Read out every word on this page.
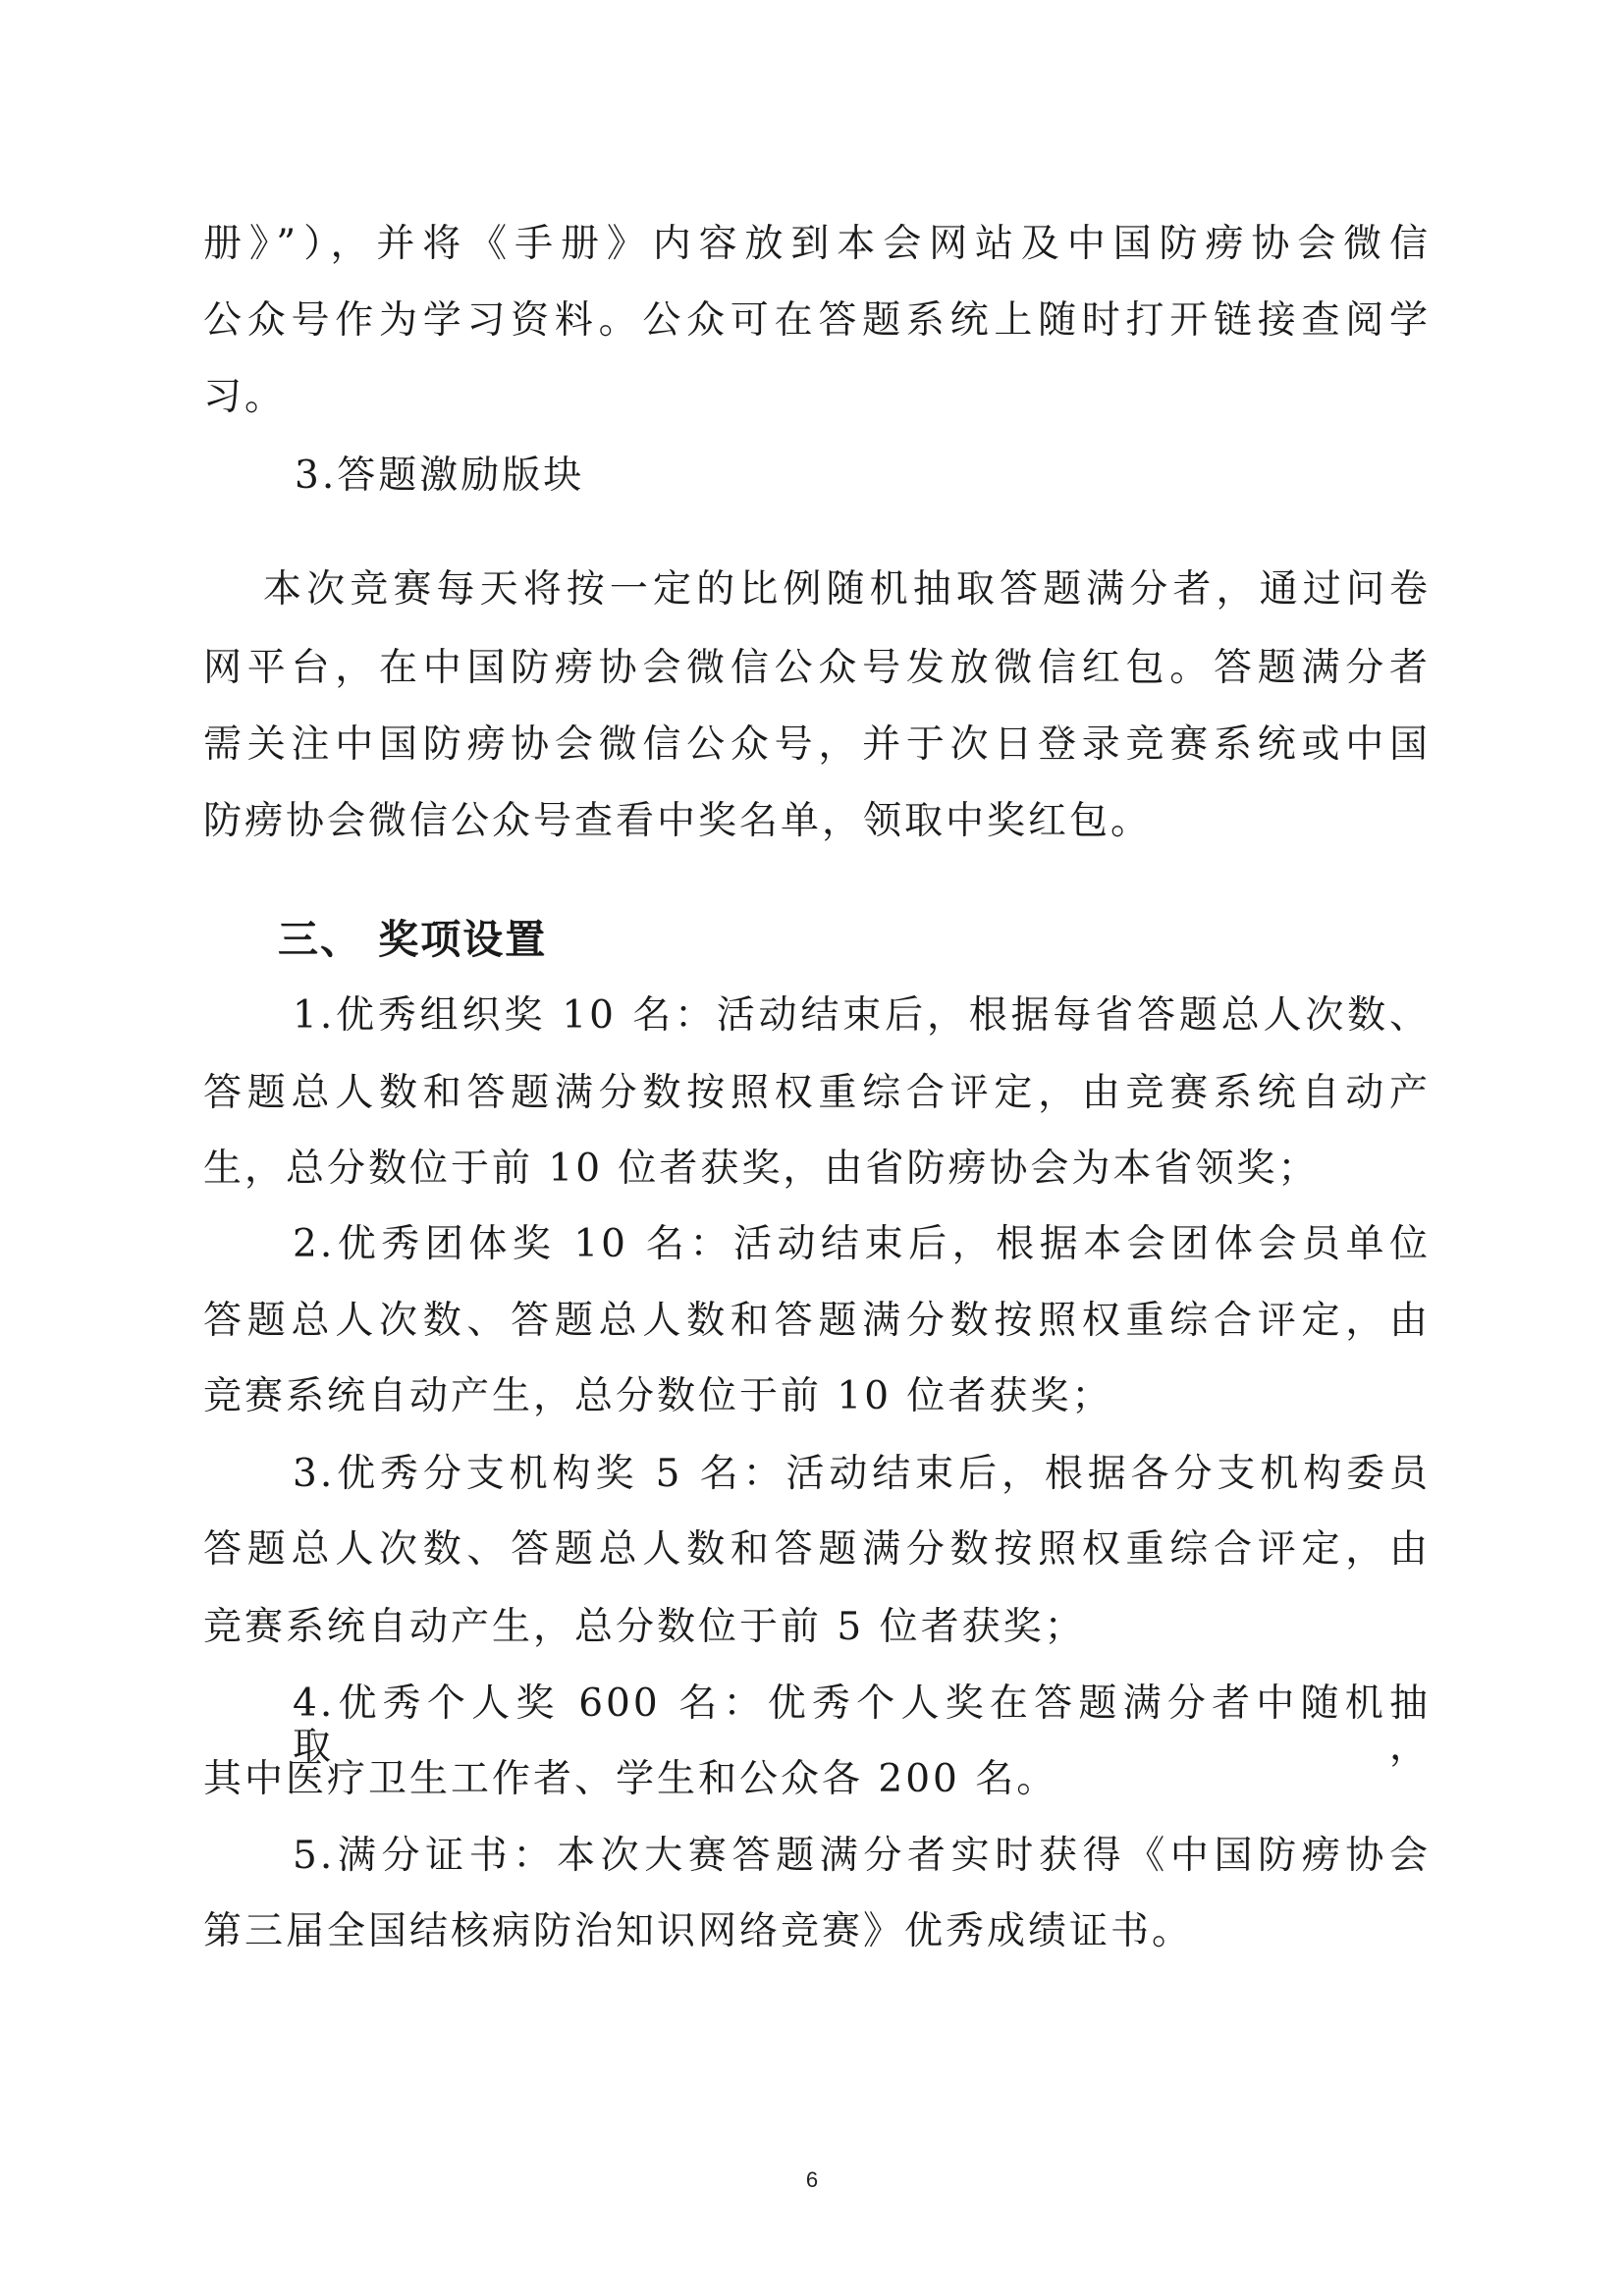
册》”），并将《手册》内容放到本会网站及中国防痨协会微信
公众号作为学习资料。公众可在答题系统上随时打开链接查阅学
习。
3.答题激励版块
本次竞赛每天将按一定的比例随机抽取答题满分者，通过问卷
网平台，在中国防痨协会微信公众号发放微信红包。答题满分者
需关注中国防痨协会微信公众号，并于次日登录竞赛系统或中国
防痨协会微信公众号查看中奖名单，领取中奖红包。
三、 奖项设置
1.优秀组织奖 10 名：活动结束后，根据每省答题总人次数、
答题总人数和答题满分数按照权重综合评定，由竞赛系统自动产
生，总分数位于前 10 位者获奖，由省防痨协会为本省领奖；
2.优秀团体奖 10 名：活动结束后，根据本会团体会员单位
答题总人次数、答题总人数和答题满分数按照权重综合评定，由
竞赛系统自动产生，总分数位于前 10 位者获奖；
3.优秀分支机构奖 5 名：活动结束后，根据各分支机构委员
答题总人次数、答题总人数和答题满分数按照权重综合评定，由
竞赛系统自动产生，总分数位于前 5 位者获奖；
4.优秀个人奖 600 名：优秀个人奖在答题满分者中随机抽取，
其中医疗卫生工作者、学生和公众各 200 名。
5.满分证书：本次大赛答题满分者实时获得《中国防痨协会
第三届全国结核病防治知识网络竞赛》优秀成绩证书。
6
